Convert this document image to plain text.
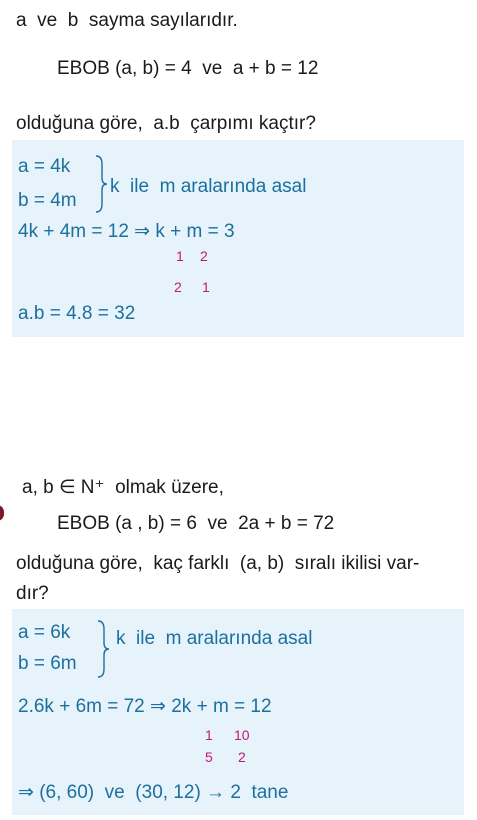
a  ve  b  sayma sayılarıdır.
EBOB (a, b) = 4  ve  a + b = 12
olduğuna göre,  a.b  çarpımı kaçtır?
a = 4k
b = 4m
k  ile  m aralarında asal
4k + 4m = 12 ⇒ k + m = 3
1 2
2 1
a.b = 4.8 = 32
a, b ∈ N⁺  olmak üzere,
EBOB (a , b) = 6  ve  2a + b = 72
olduğuna göre,  kaç farklı  (a, b)  sıralı ikilisi var-
dır?
a = 6k
b = 6m
k  ile  m aralarında asal
2.6k + 6m = 72 ⇒ 2k + m = 12
1 10
5 2
⇒ (6, 60)  ve  (30, 12) → 2  tane
